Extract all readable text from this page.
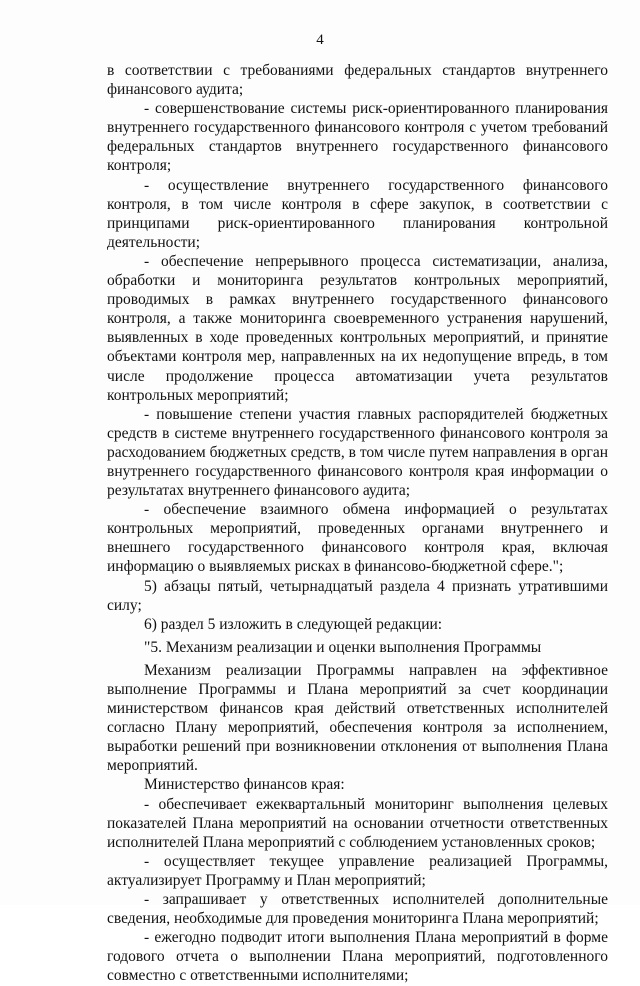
4

в соответствии с требованиями федеральных стандартов внутреннего финансового аудита;

- совершенствование системы риск-ориентированного планирования внутреннего государственного финансового контроля с учетом требований федеральных стандартов внутреннего государственного финансового контроля;

- осуществление внутреннего государственного финансового контроля, в том числе контроля в сфере закупок, в соответствии с принципами риск-ориентированного планирования контрольной деятельности;

- обеспечение непрерывного процесса систематизации, анализа, обработки и мониторинга результатов контрольных мероприятий, проводимых в рамках внутреннего государственного финансового контроля, а также мониторинга своевременного устранения нарушений, выявленных в ходе проведенных контрольных мероприятий, и принятие объектами контроля мер, направленных на их недопущение впредь, в том числе продолжение процесса автоматизации учета результатов контрольных мероприятий;

- повышение степени участия главных распорядителей бюджетных средств в системе внутреннего государственного финансового контроля за расходованием бюджетных средств, в том числе путем направления в орган внутреннего государственного финансового контроля края информации о результатах внутреннего финансового аудита;

- обеспечение взаимного обмена информацией о результатах контрольных мероприятий, проведенных органами внутреннего и внешнего государственного финансового контроля края, включая информацию о выявляемых рисках в финансово-бюджетной сфере.";

5) абзацы пятый, четырнадцатый раздела 4 признать утратившими силу;

6) раздел 5 изложить в следующей редакции:

"5. Механизм реализации и оценки выполнения Программы

Механизм реализации Программы направлен на эффективное выполнение Программы и Плана мероприятий за счет координации министерством финансов края действий ответственных исполнителей согласно Плану мероприятий, обеспечения контроля за исполнением, выработки решений при возникновении отклонения от выполнения Плана мероприятий.

Министерство финансов края:

- обеспечивает ежеквартальный мониторинг выполнения целевых показателей Плана мероприятий на основании отчетности ответственных исполнителей Плана мероприятий с соблюдением установленных сроков;

- осуществляет текущее управление реализацией Программы, актуализирует Программу и План мероприятий;

- запрашивает у ответственных исполнителей дополнительные сведения, необходимые для проведения мониторинга Плана мероприятий;

- ежегодно подводит итоги выполнения Плана мероприятий в форме годового отчета о выполнении Плана мероприятий, подготовленного совместно с ответственными исполнителями;
